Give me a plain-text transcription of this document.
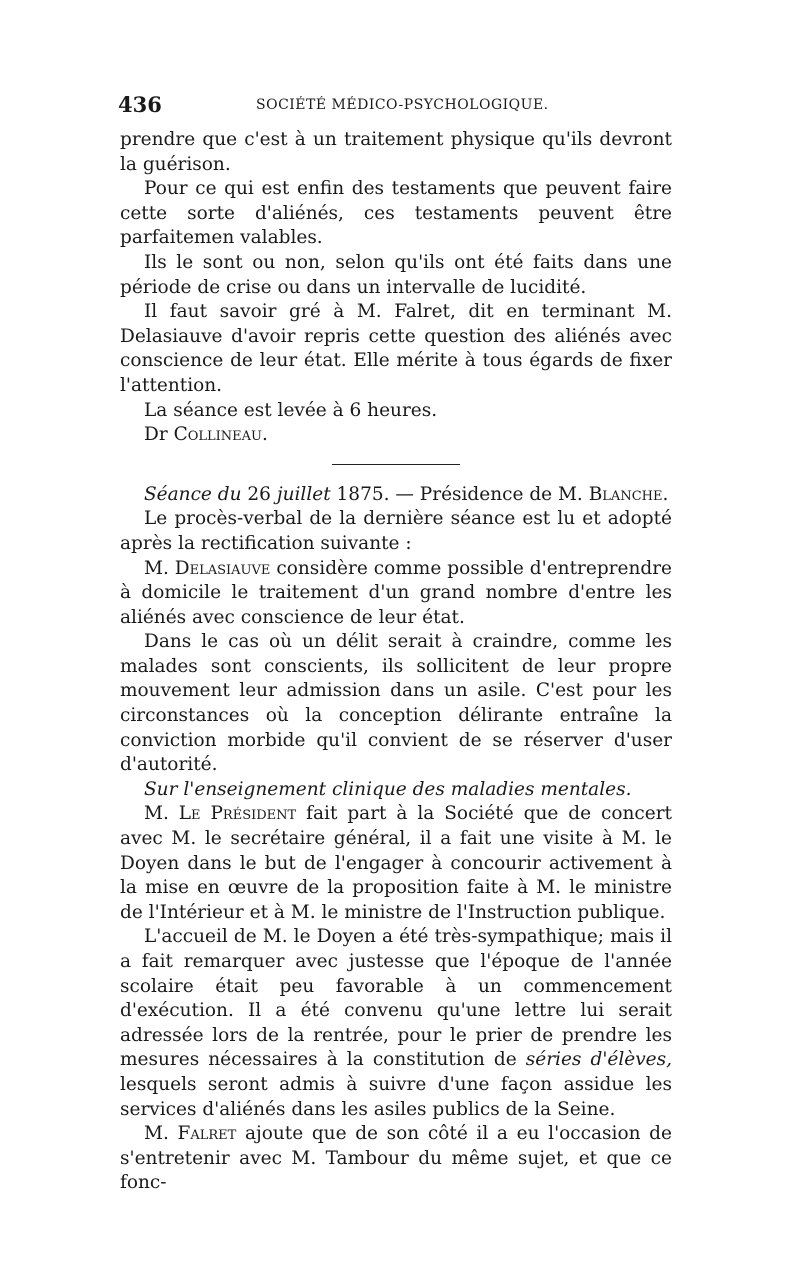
436	SOCIÉTÉ MÉDICO-PSYCHOLOGIQUE.

prendre que c'est à un traitement physique qu'ils devront la guérison.

Pour ce qui est enfin des testaments que peuvent faire cette sorte d'aliénés, ces testaments peuvent être parfaitemen valables.

Ils le sont ou non, selon qu'ils ont été faits dans une période de crise ou dans un intervalle de lucidité.

Il faut savoir gré à M. Falret, dit en terminant M. Delasiauve d'avoir repris cette question des aliénés avec conscience de leur état. Elle mérite à tous égards de fixer l'attention.

La séance est levée à 6 heures.

Dr Collineau.

Séance du 26 juillet 1875. — Présidence de M. Blanche.

Le procès-verbal de la dernière séance est lu et adopté après la rectification suivante :

M. Delasiauve considère comme possible d'entreprendre à domicile le traitement d'un grand nombre d'entre les aliénés avec conscience de leur état.

Dans le cas où un délit serait à craindre, comme les malades sont conscients, ils sollicitent de leur propre mouvement leur admission dans un asile. C'est pour les circonstances où la conception délirante entraîne la conviction morbide qu'il convient de se réserver d'user d'autorité.

Sur l'enseignement clinique des maladies mentales.

M. Le Président fait part à la Société que de concert avec M. le secrétaire général, il a fait une visite à M. le Doyen dans le but de l'engager à concourir activement à la mise en œuvre de la proposition faite à M. le ministre de l'Intérieur et à M. le ministre de l'Instruction publique.

L'accueil de M. le Doyen a été très-sympathique; mais il a fait remarquer avec justesse que l'époque de l'année scolaire était peu favorable à un commencement d'exécution. Il a été convenu qu'une lettre lui serait adressée lors de la rentrée, pour le prier de prendre les mesures nécessaires à la constitution de séries d'élèves, lesquels seront admis à suivre d'une façon assidue les services d'aliénés dans les asiles publics de la Seine.

M. Falret ajoute que de son côté il a eu l'occasion de s'entretenir avec M. Tambour du même sujet, et que ce fonc-
